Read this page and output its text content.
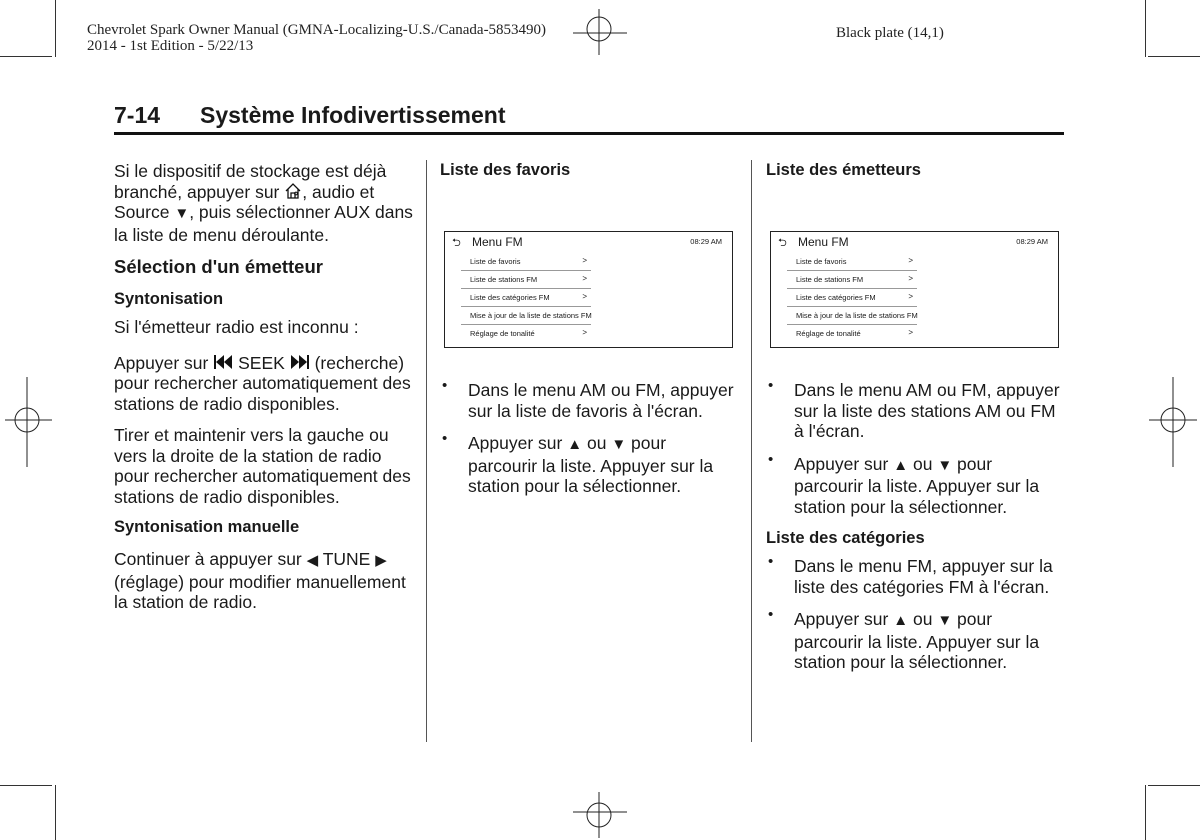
Chevrolet Spark Owner Manual (GMNA-Localizing-U.S./Canada-5853490)
2014 - 1st Edition - 5/22/13
Black plate (14,1)
7-14 Système Infodivertissement

Si le dispositif de stockage est déjà branché, appuyer sur , audio et Source ▼, puis sélectionner AUX dans la liste de menu déroulante.

Sélection d'un émetteur

Syntonisation

Si l'émetteur radio est inconnu :

Appuyer sur SEEK (recherche) pour rechercher automatiquement des stations de radio disponibles.

Tirer et maintenir vers la gauche ou vers la droite de la station de radio pour rechercher automatiquement des stations de radio disponibles.

Syntonisation manuelle

Continuer à appuyer sur ◀ TUNE ▶ (réglage) pour modifier manuellement la station de radio.

Liste des favoris

⮌ Menu FM	08:29 AM
Liste de favoris	>
Liste de stations FM	>
Liste des catégories FM	>
Mise à jour de la liste de stations FM
Réglage de tonalité	>
• Dans le menu AM ou FM, appuyer sur la liste de favoris à l'écran.
• Appuyer sur ▲ ou ▼ pour parcourir la liste. Appuyer sur la station pour la sélectionner.

Liste des émetteurs

⮌ Menu FM	08:29 AM
Liste de favoris	>
Liste de stations FM	>
Liste des catégories FM	>
Mise à jour de la liste de stations FM
Réglage de tonalité	>
• Dans le menu AM ou FM, appuyer sur la liste des stations AM ou FM à l'écran.
• Appuyer sur ▲ ou ▼ pour parcourir la liste. Appuyer sur la station pour la sélectionner.

Liste des catégories

• Dans le menu FM, appuyer sur la liste des catégories FM à l'écran.
• Appuyer sur ▲ ou ▼ pour parcourir la liste. Appuyer sur la station pour la sélectionner.
